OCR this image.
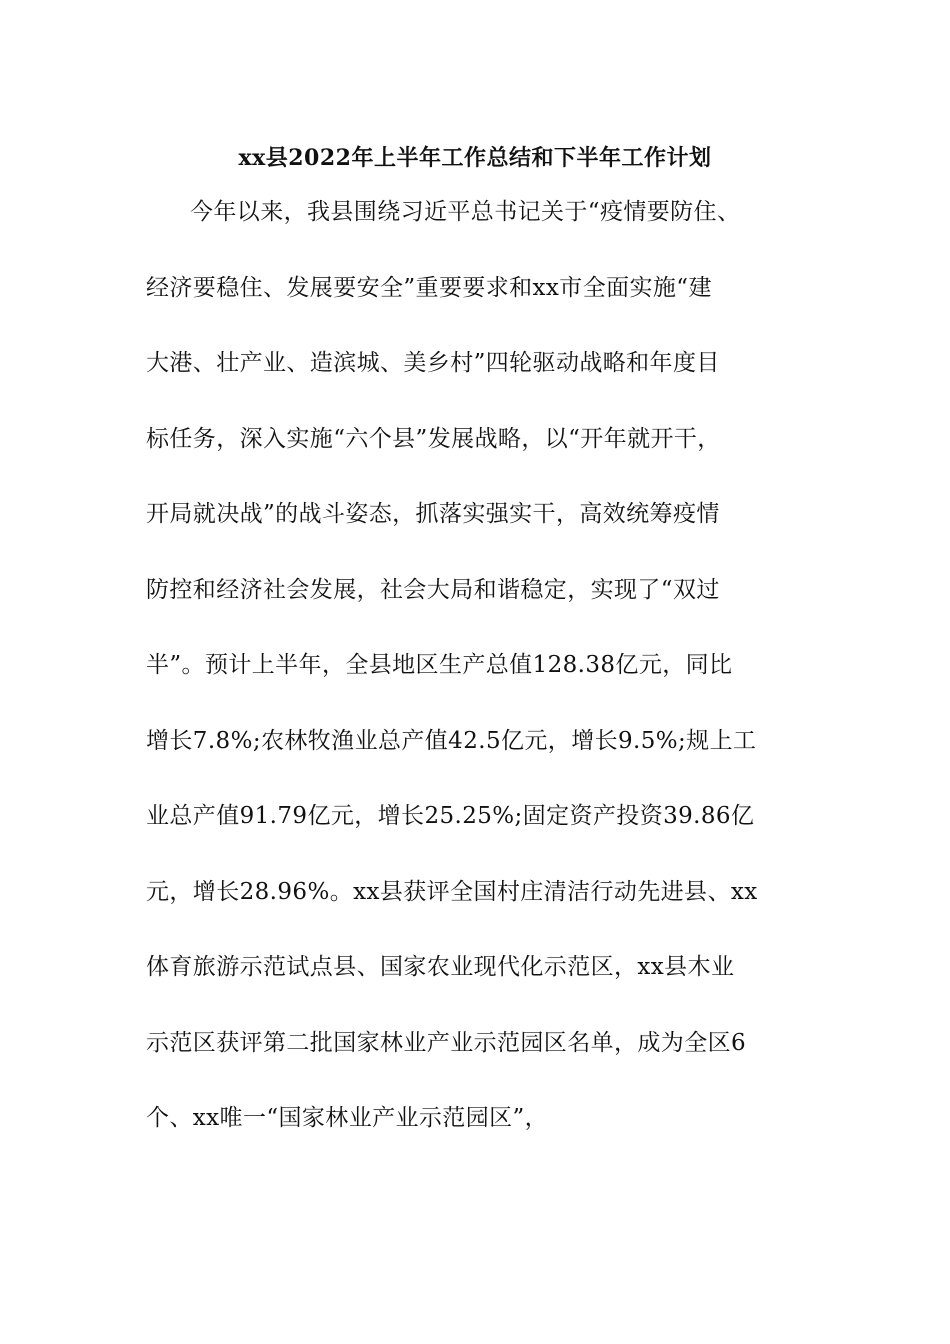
xx县2022年上半年工作总结和下半年工作计划
今年以来，我县围绕习近平总书记关于“疫情要防住、
经济要稳住、发展要安全”重要要求和xx市全面实施“建
大港、壮产业、造滨城、美乡村”四轮驱动战略和年度目
标任务，深入实施“六个县”发展战略，以“开年就开干，
开局就决战”的战斗姿态，抓落实强实干，高效统筹疫情
防控和经济社会发展，社会大局和谐稳定，实现了“双过
半”。预计上半年，全县地区生产总值128.38亿元，同比
增长7.8%;农林牧渔业总产值42.5亿元，增长9.5%;规上工
业总产值91.79亿元，增长25.25%;固定资产投资39.86亿
元，增长28.96%。xx县获评全国村庄清洁行动先进县、xx
体育旅游示范试点县、国家农业现代化示范区，xx县木业
示范区获评第二批国家林业产业示范园区名单，成为全区6
个、xx唯一“国家林业产业示范园区”，
